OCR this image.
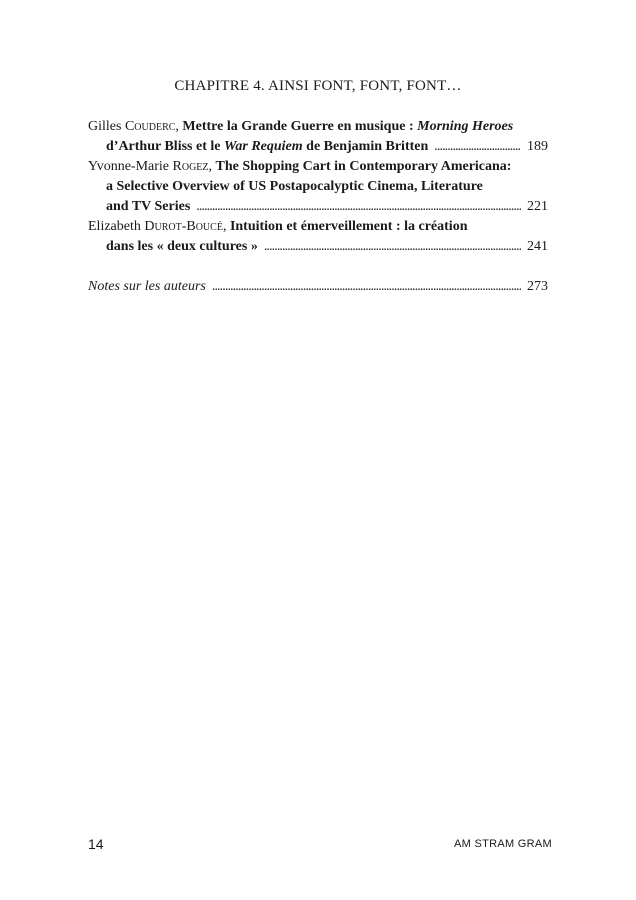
CHAPITRE 4. AINSI FONT, FONT, FONT…
Gilles Couderc, Mettre la Grande Guerre en musique : Morning Heroes
d’Arthur Bliss et le War Requiem de Benjamin Britten . . .	189
Yvonne-Marie Rogez, The Shopping Cart in Contemporary Americana:
a Selective Overview of US Postapocalyptic Cinema, Literature
and TV Series . . .	221
Elizabeth Durot-Boucé, Intuition et émerveillement : la création
dans les « deux cultures » . . .	241
Notes sur les auteurs . . .	273
14	AM STRAM GRAM
